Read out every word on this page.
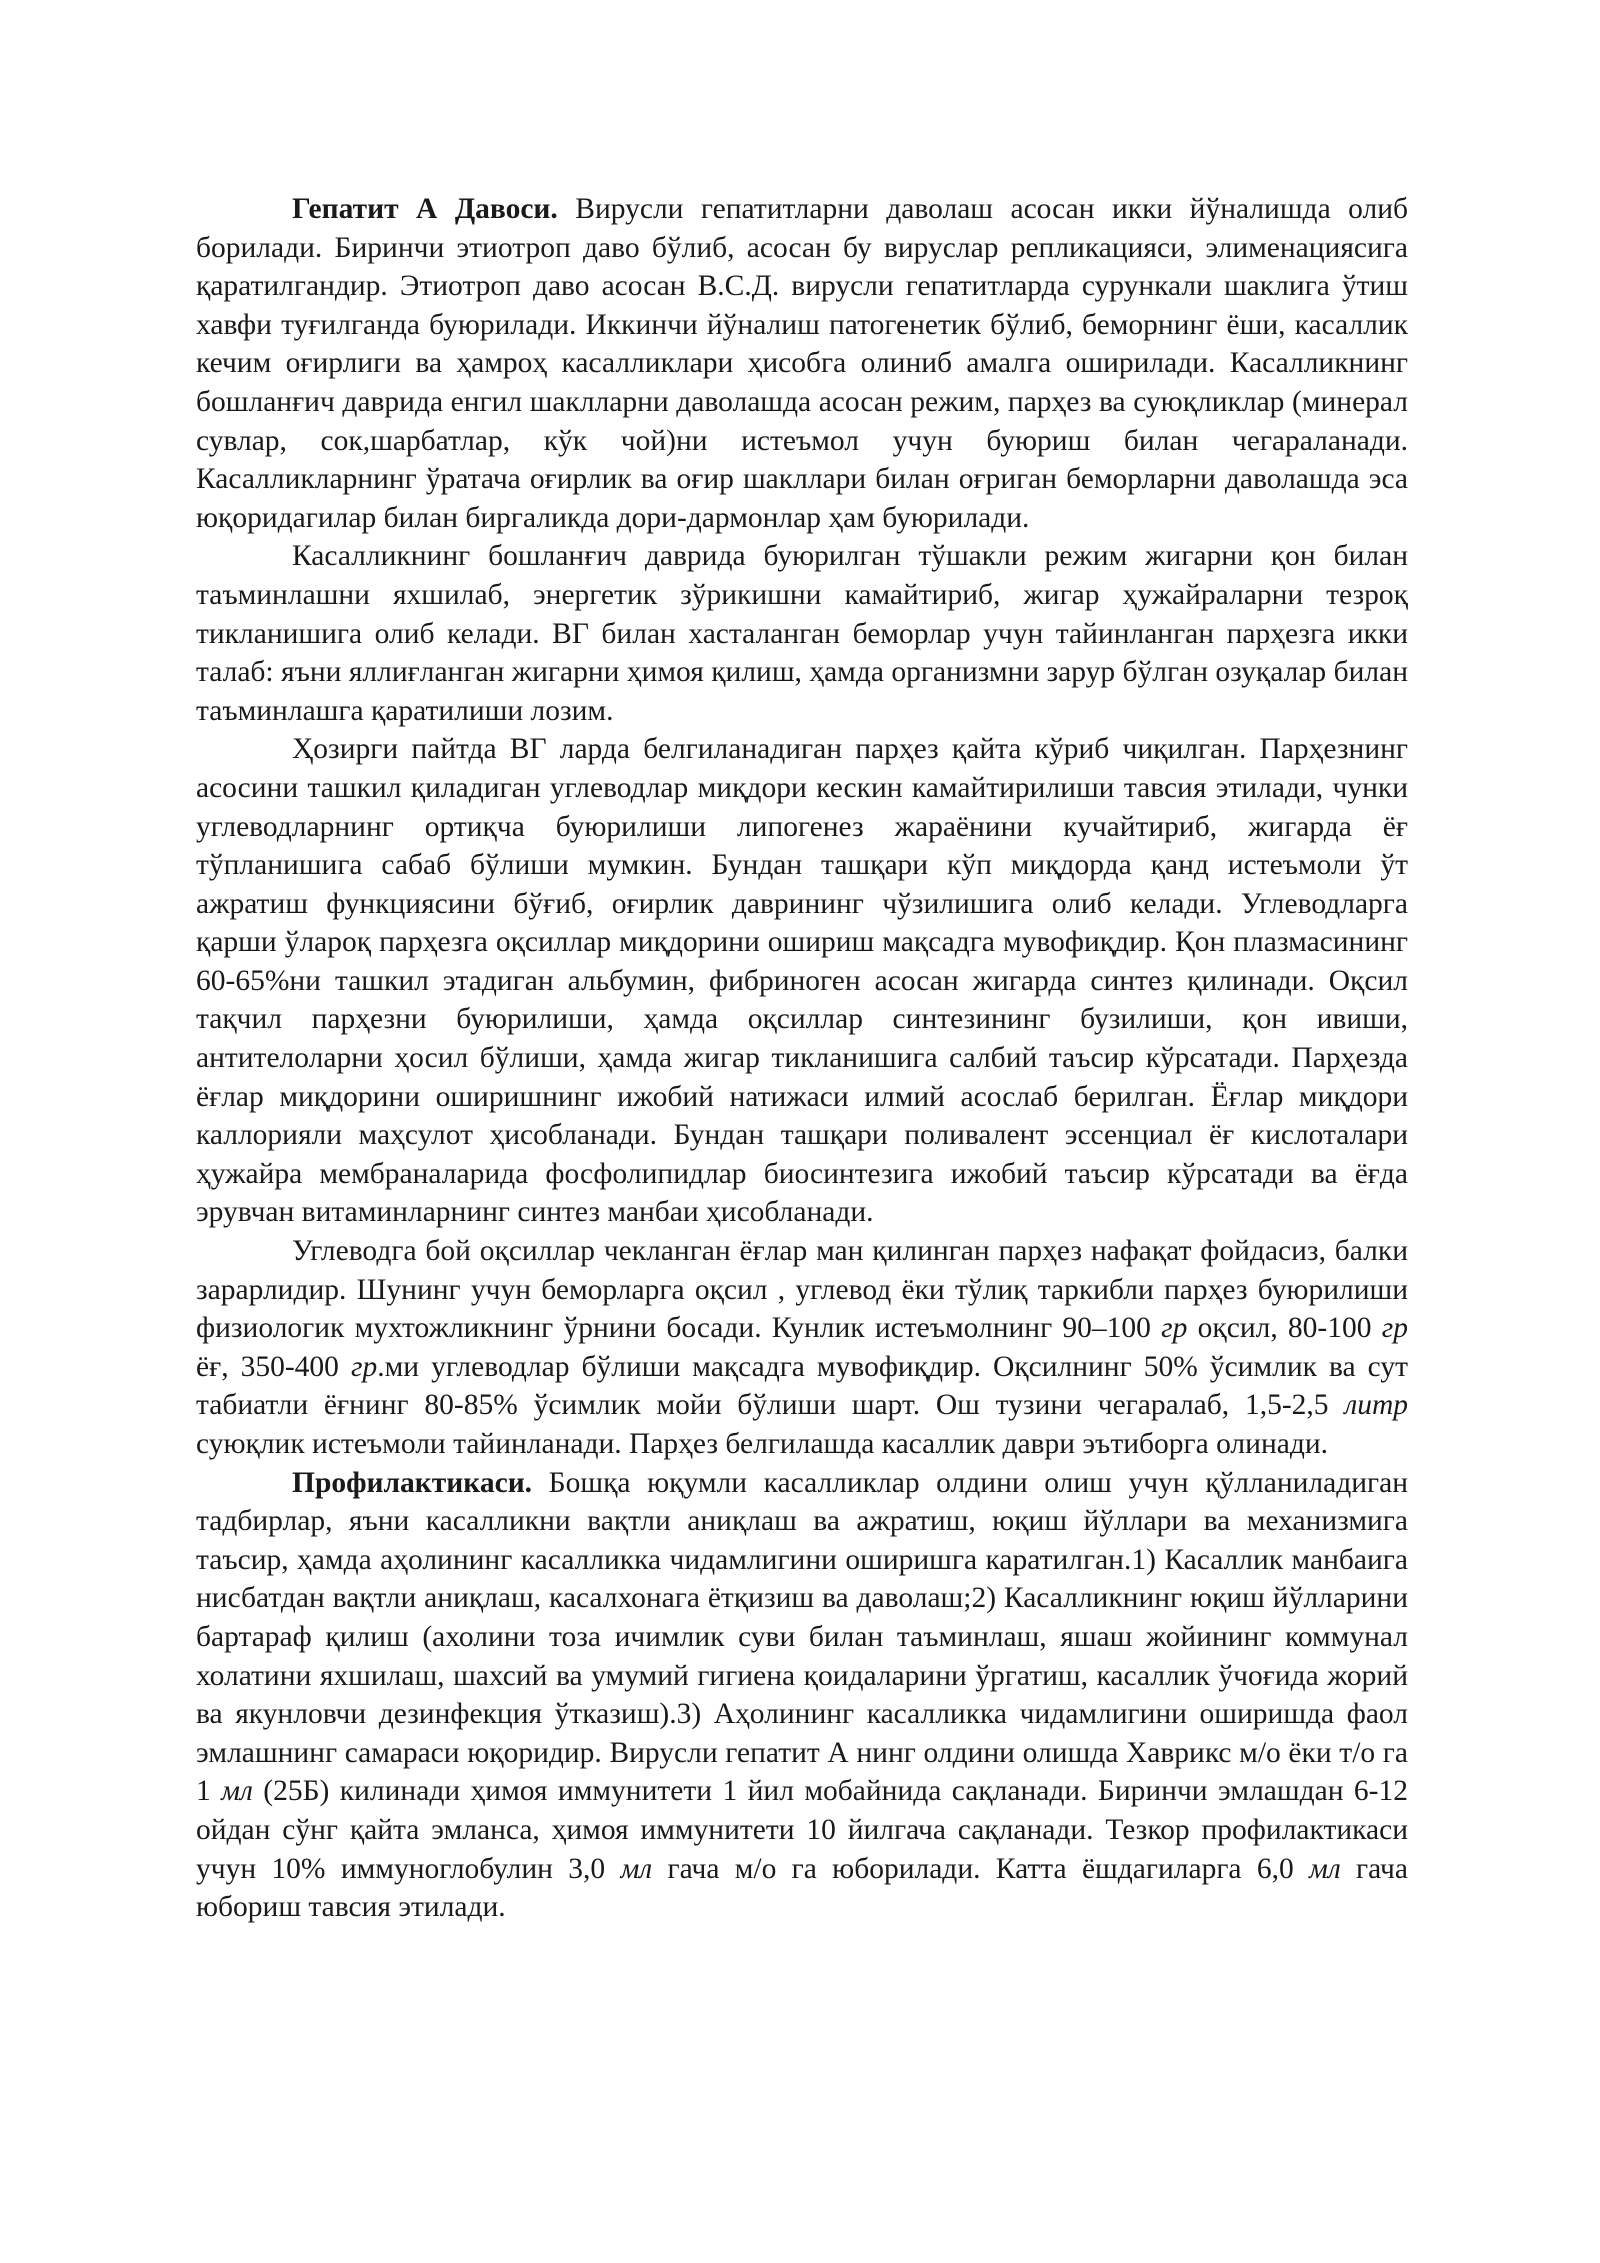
Гепатит А Давоси. Вирусли гепатитларни даволаш асосан икки йўналишда олиб борилади. Биринчи этиотроп даво бўлиб, асосан бу вируслар репликацияси, элименациясига қаратилгандир. Этиотроп даво асосан В.С.Д. вирусли гепатитларда сурункали шаклига ўтиш хавфи туғилганда буюрилади. Иккинчи йўналиш патогенетик бўлиб, беморнинг ёши, касаллик кечим оғирлиги ва ҳамроҳ касалликлари ҳисобга олиниб амалга оширилади. Касалликнинг бошланғич даврида енгил шаклларни даволашда асосан режим, парҳез ва суюқликлар (минерал сувлар, сок,шарбатлар, кўк чой)ни истеъмол учун буюриш билан чегараланади. Касалликларнинг ўратача оғирлик ва оғир шакллари билан оғриган беморларни даволашда эса юқоридагилар билан биргаликда дори-дармонлар ҳам буюрилади.

Касалликнинг бошланғич даврида буюрилган тўшакли режим жигарни қон билан таъминлашни яхшилаб, энергетик зўрикишни камайтириб, жигар ҳужайраларни тезроқ тикланишига олиб келади. ВГ билан хасталанган беморлар учун тайинланган парҳезга икки талаб: яъни яллиғланган жигарни ҳимоя қилиш, ҳамда организмни зарур бўлган озуқалар билан таъминлашга қаратилиши лозим.

Ҳозирги пайтда ВГ ларда белгиланадиган парҳез қайта кўриб чиқилган. Парҳезнинг асосини ташкил қиладиган углеводлар миқдори кескин камайтирилиши тавсия этилади, чунки углеводларнинг ортиқча буюрилиши липогенез жараёнини кучайтириб, жигарда ёғ тўпланишига сабаб бўлиши мумкин. Бундан ташқари кўп миқдорда қанд истеъмоли ўт ажратиш функциясини бўғиб, оғирлик даврининг чўзилишига олиб келади. Углеводларга қарши ўлароқ парҳезга оқсиллар миқдорини ошириш мақсадга мувофиқдир. Қон плазмасининг 60-65%ни ташкил этадиган альбумин, фибриноген асосан жигарда синтез қилинади. Оқсил тақчил парҳезни буюрилиши, ҳамда оқсиллар синтезининг бузилиши, қон ивиши, антителоларни ҳосил бўлиши, ҳамда жигар тикланишига салбий таъсир кўрсатади. Парҳезда ёғлар миқдорини оширишнинг ижобий натижаси илмий асослаб берилган. Ёғлар миқдори каллорияли маҳсулот ҳисобланади. Бундан ташқари поливалент эссенциал ёғ кислоталари ҳужайра мембраналарида фосфолипидлар биосинтезига ижобий таъсир кўрсатади ва ёғда эрувчан витаминларнинг синтез манбаи ҳисобланади.

Углеводга бой оқсиллар чекланган ёғлар ман қилинган парҳез нафақат фойдасиз, балки зарарлидир. Шунинг учун беморларга оқсил , углевод ёки тўлиқ таркибли парҳез буюрилиши физиологик мухтожликнинг ўрнини босади. Кунлик истеъмолнинг 90–100 гр оқсил, 80-100 гр ёғ, 350-400 гр.ми углеводлар бўлиши мақсадга мувофиқдир. Оқсилнинг 50% ўсимлик ва сут табиатли ёғнинг 80-85% ўсимлик мойи бўлиши шарт. Ош тузини чегаралаб, 1,5-2,5 литр суюқлик истеъмоли тайинланади. Парҳез белгилашда касаллик даври эътиборга олинади.

Профилактикаси. Бошқа юқумли касалликлар олдини олиш учун қўлланиладиган тадбирлар, яъни касалликни вақтли аниқлаш ва ажратиш, юқиш йўллари ва механизмига таъсир, ҳамда аҳолининг касалликка чидамлигини оширишга каратилган.1) Касаллик манбаига нисбатдан вақтли аниқлаш, касалхонага ётқизиш ва даволаш;2) Касалликнинг юқиш йўлларини бартараф қилиш (ахолини тоза ичимлик суви билан таъминлаш, яшаш жойининг коммунал холатини яхшилаш, шахсий ва умумий гигиена қоидаларини ўргатиш, касаллик ўчоғида жорий ва якунловчи дезинфекция ўтказиш).3) Аҳолининг касалликка чидамлигини оширишда фаол эмлашнинг самараси юқоридир. Вирусли гепатит А нинг олдини олишда Хаврикс м/о ёки т/о га 1 мл (25Б) килинади ҳимоя иммунитети 1 йил мобайнида сақланади. Биринчи эмлашдан 6-12 ойдан сўнг қайта эмланса, ҳимоя иммунитети 10 йилгача сақланади. Тезкор профилактикаси учун 10% иммуноглобулин 3,0 мл гача м/о га юборилади. Катта ёшдагиларга 6,0 мл гача юбориш тавсия этилади.
